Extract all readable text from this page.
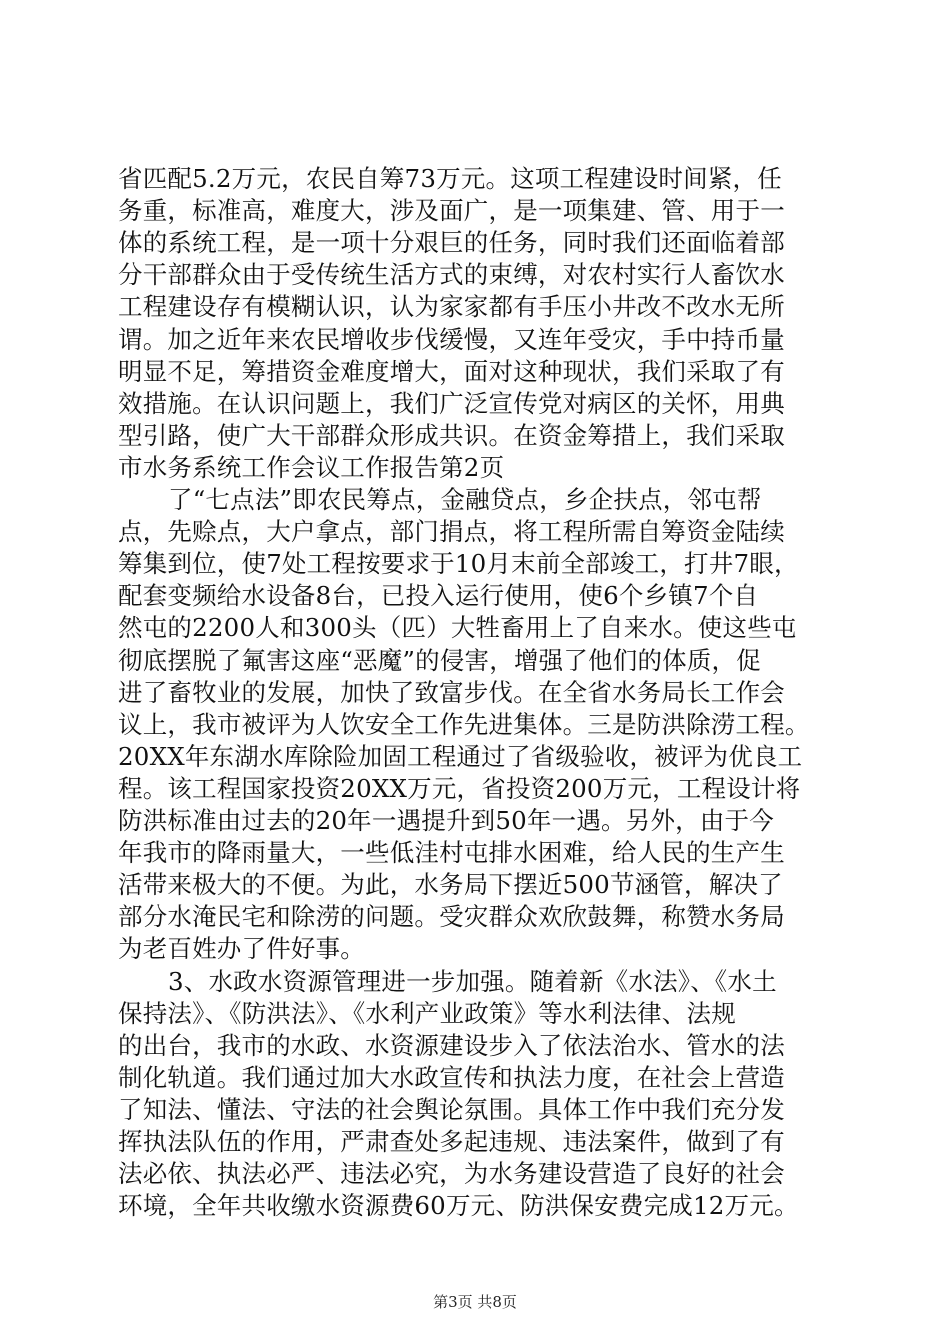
省匹配5.2万元，农民自筹73万元。这项工程建设时间紧，任
务重，标准高，难度大，涉及面广，是一项集建、管、用于一
体的系统工程，是一项十分艰巨的任务，同时我们还面临着部
分干部群众由于受传统生活方式的束缚，对农村实行人畜饮水
工程建设存有模糊认识，认为家家都有手压小井改不改水无所
谓。加之近年来农民增收步伐缓慢，又连年受灾，手中持币量
明显不足，筹措资金难度增大，面对这种现状，我们采取了有
效措施。在认识问题上，我们广泛宣传党对病区的关怀，用典
型引路，使广大干部群众形成共识。在资金筹措上，我们采取
市水务系统工作会议工作报告第2页
了“七点法”即农民筹点，金融贷点，乡企扶点，邻屯帮
点，先赊点，大户拿点，部门捐点，将工程所需自筹资金陆续
筹集到位，使7处工程按要求于10月末前全部竣工，打井7眼，
配套变频给水设备8台，已投入运行使用，使6个乡镇7个自
然屯的2200人和300头（匹）大牲畜用上了自来水。使这些屯
彻底摆脱了氟害这座“恶魔”的侵害，增强了他们的体质，促
进了畜牧业的发展，加快了致富步伐。在全省水务局长工作会
议上，我市被评为人饮安全工作先进集体。三是防洪除涝工程。
20XX年东湖水库除险加固工程通过了省级验收，被评为优良工
程。该工程国家投资20XX万元，省投资200万元，工程设计将
防洪标准由过去的20年一遇提升到50年一遇。另外，由于今
年我市的降雨量大，一些低洼村屯排水困难，给人民的生产生
活带来极大的不便。为此，水务局下摆近500节涵管，解决了
部分水淹民宅和除涝的问题。受灾群众欢欣鼓舞，称赞水务局
为老百姓办了件好事。
3、水政水资源管理进一步加强。随着新《水法》、《水土
保持法》、《防洪法》、《水利产业政策》等水利法律、法规
的出台，我市的水政、水资源建设步入了依法治水、管水的法
制化轨道。我们通过加大水政宣传和执法力度，在社会上营造
了知法、懂法、守法的社会舆论氛围。具体工作中我们充分发
挥执法队伍的作用，严肃查处多起违规、违法案件，做到了有
法必依、执法必严、违法必究，为水务建设营造了良好的社会
环境，全年共收缴水资源费60万元、防洪保安费完成12万元。
第3页 共8页
